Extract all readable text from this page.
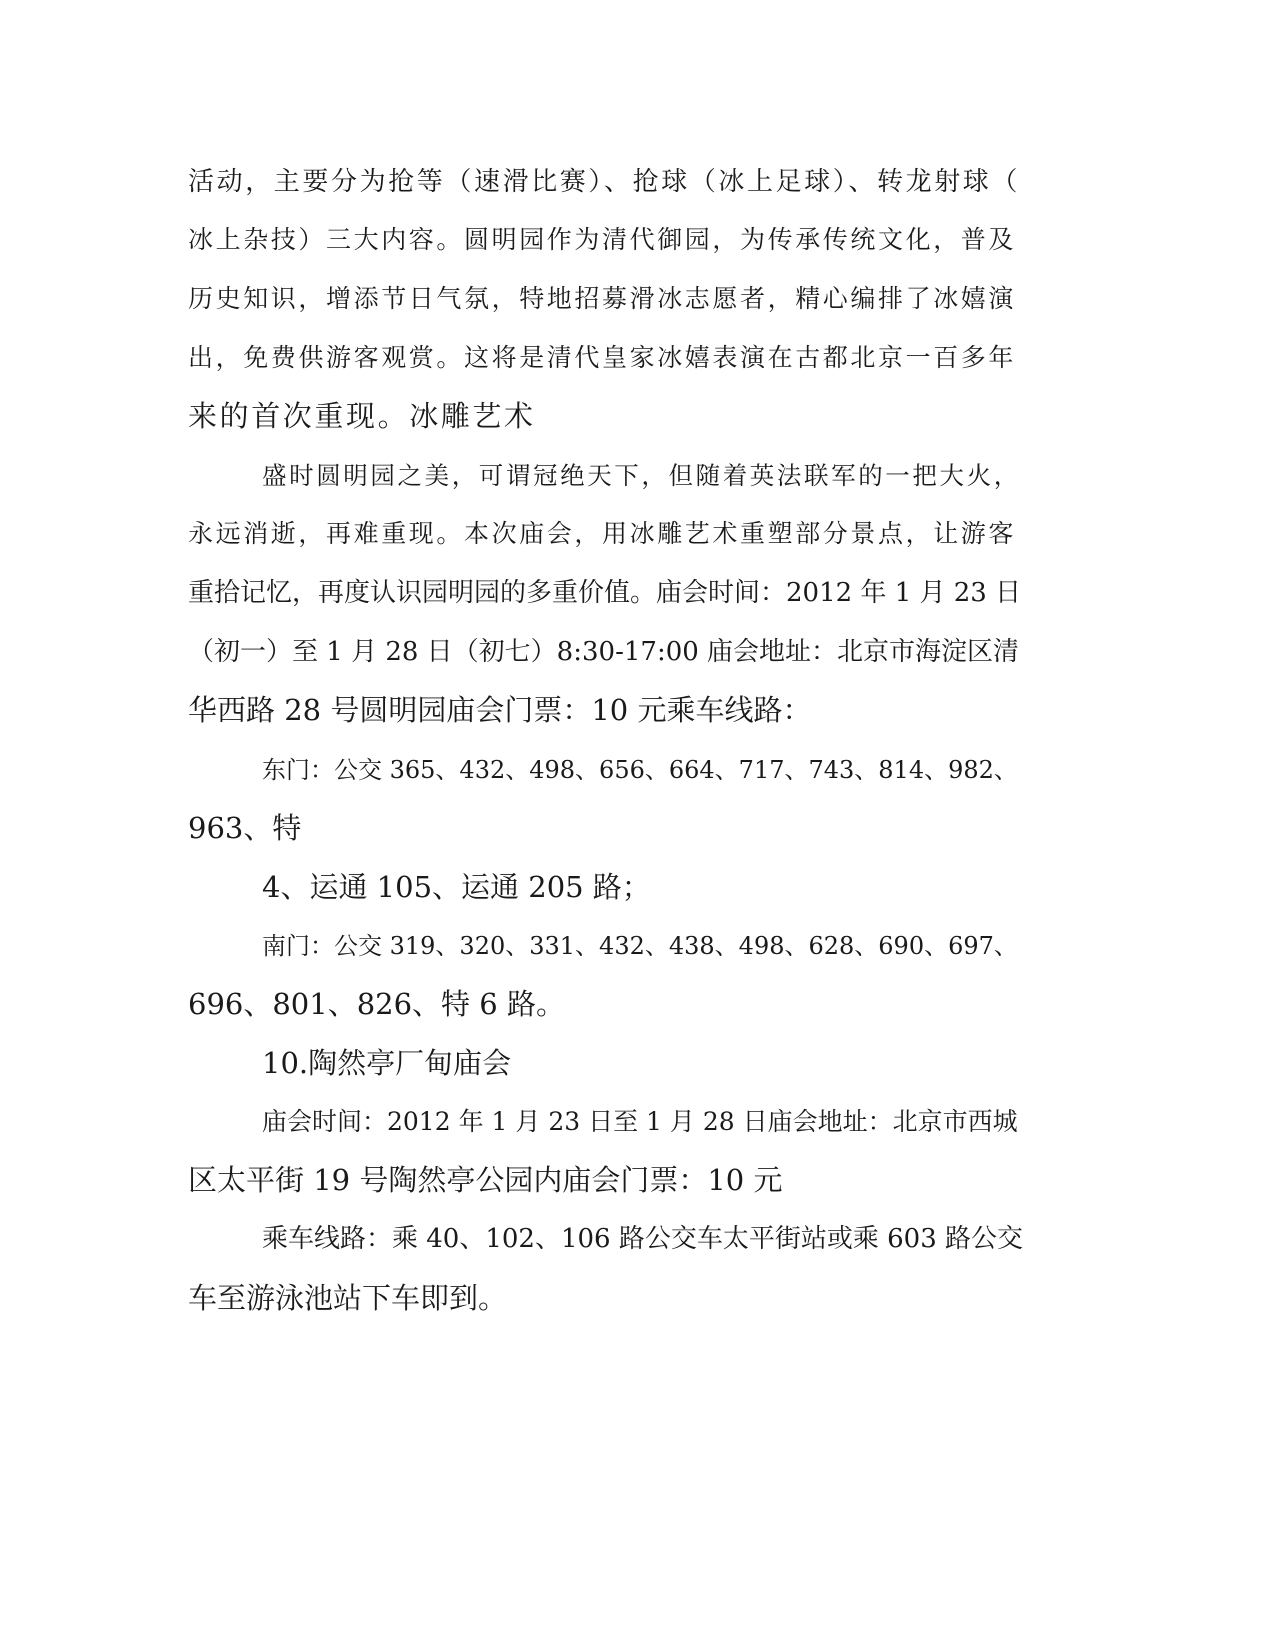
活动，主要分为抢等（速滑比赛）、抢球（冰上足球）、转龙射球（
冰上杂技）三大内容。圆明园作为清代御园，为传承传统文化，普及
历史知识，增添节日气氛，特地招募滑冰志愿者，精心编排了冰嬉演
出，免费供游客观赏。这将是清代皇家冰嬉表演在古都北京一百多年
来的首次重现。冰雕艺术
盛时圆明园之美，可谓冠绝天下，但随着英法联军的一把大火，
永远消逝，再难重现。本次庙会，用冰雕艺术重塑部分景点，让游客
重拾记忆，再度认识园明园的多重价值。庙会时间：2012 年 1 月 23 日
（初一）至 1 月 28 日（初七）8:30-17:00 庙会地址：北京市海淀区清
华西路 28 号圆明园庙会门票：10 元乘车线路：
东门：公交 365、432、498、656、664、717、743、814、982、
963、特
4、运通 105、运通 205 路；
南门：公交 319、320、331、432、438、498、628、690、697、
696、801、826、特 6 路。
10.陶然亭厂甸庙会
庙会时间：2012 年 1 月 23 日至 1 月 28 日庙会地址：北京市西城
区太平街 19 号陶然亭公园内庙会门票：10 元
乘车线路：乘 40、102、106 路公交车太平街站或乘 603 路公交
车至游泳池站下车即到。
